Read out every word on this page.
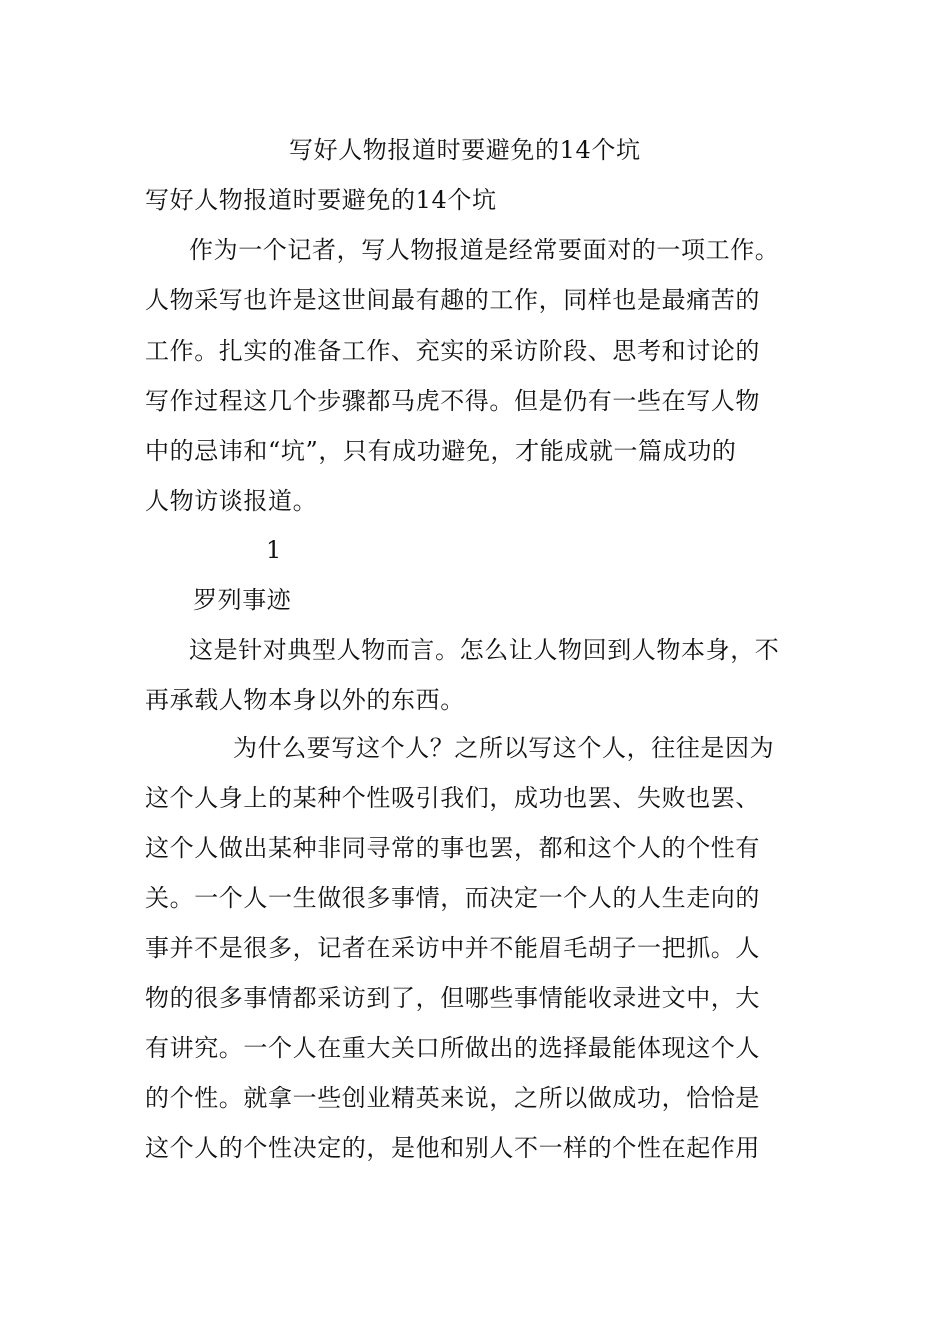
写好人物报道时要避免的14个坑
写好人物报道时要避免的14个坑
作为一个记者，写人物报道是经常要面对的一项工作。
人物采写也许是这世间最有趣的工作，同样也是最痛苦的
工作。扎实的准备工作、充实的采访阶段、思考和讨论的
写作过程这几个步骤都马虎不得。但是仍有一些在写人物
中的忌讳和“坑”，只有成功避免，才能成就一篇成功的
人物访谈报道。
1
罗列事迹
这是针对典型人物而言。怎么让人物回到人物本身，不
再承载人物本身以外的东西。
为什么要写这个人？之所以写这个人，往往是因为
这个人身上的某种个性吸引我们，成功也罢、失败也罢、
这个人做出某种非同寻常的事也罢，都和这个人的个性有
关。一个人一生做很多事情，而决定一个人的人生走向的
事并不是很多，记者在采访中并不能眉毛胡子一把抓。人
物的很多事情都采访到了，但哪些事情能收录进文中，大
有讲究。一个人在重大关口所做出的选择最能体现这个人
的个性。就拿一些创业精英来说，之所以做成功，恰恰是
这个人的个性决定的，是他和别人不一样的个性在起作用
